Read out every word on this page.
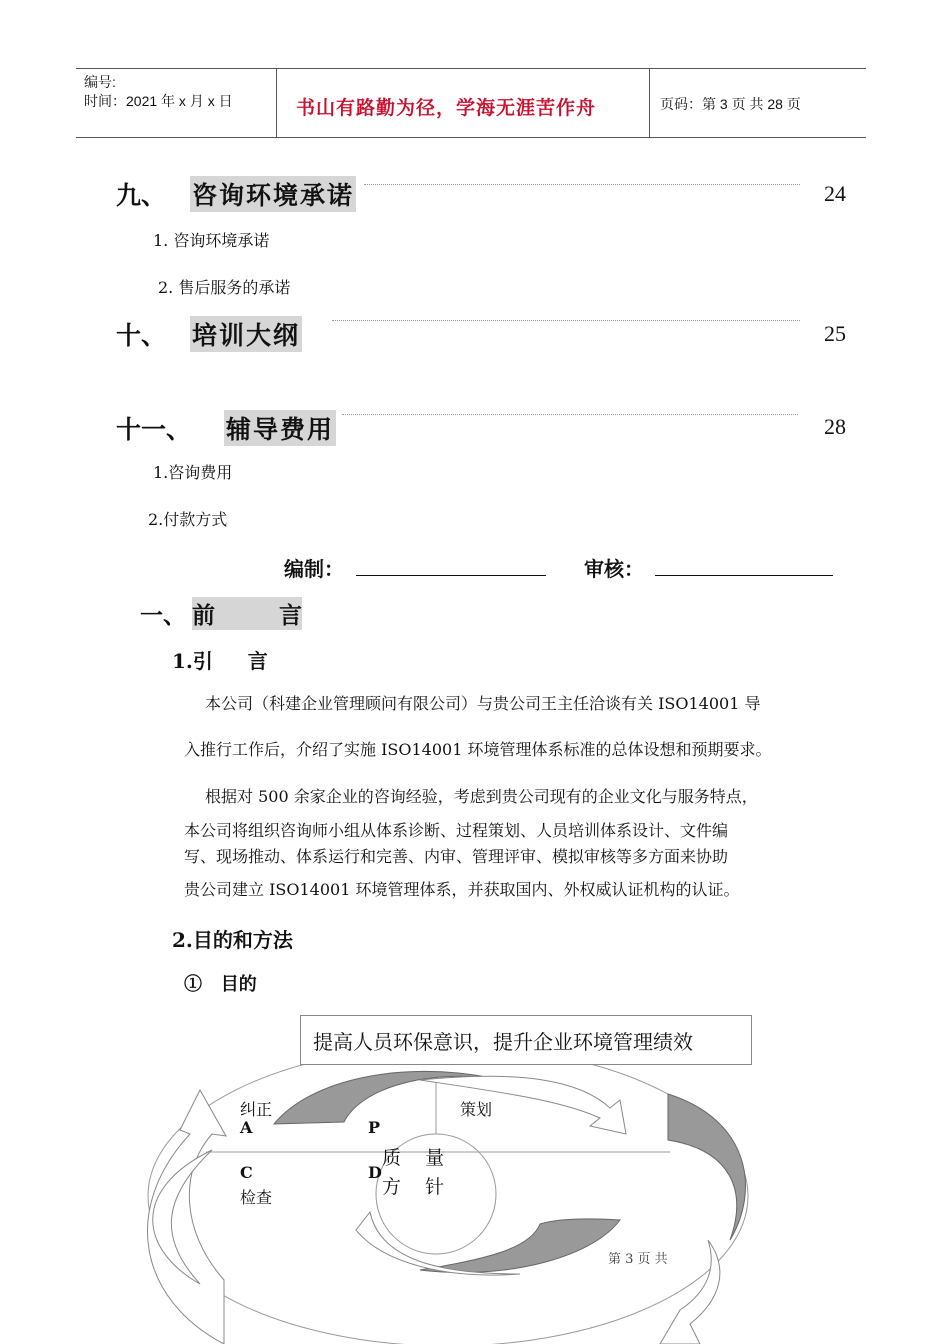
编号:
时间：2021 年 x 月 x 日	书山有路勤为径，学海无涯苦作舟	页码：第 3 页 共 28 页
九、 咨询环境承诺	24
1. 咨询环境承诺
2. 售后服务的承诺
十、 培训大纲	25
十一、 辅导费用	28
1.咨询费用
2.付款方式
编制：	审核：
一、 前        言
1.引     言
本公司（科建企业管理顾问有限公司）与贵公司王主任洽谈有关 ISO14001 导
入推行工作后，介绍了实施 ISO14001 环境管理体系标准的总体设想和预期要求。
根据对 500 余家企业的咨询经验，考虑到贵公司现有的企业文化与服务特点，
本公司将组织咨询师小组从体系诊断、过程策划、人员培训体系设计、文件编
写、现场推动、体系运行和完善、内审、管理评审、模拟审核等多方面来协助
贵公司建立 ISO14001 环境管理体系，并获取国内、外权威认证机构的认证。
2.目的和方法
①   目的
提高人员环保意识，提升企业环境管理绩效
纠正
A
策划
P
C
检查
D
质    量
方    针
第 3 页 共
